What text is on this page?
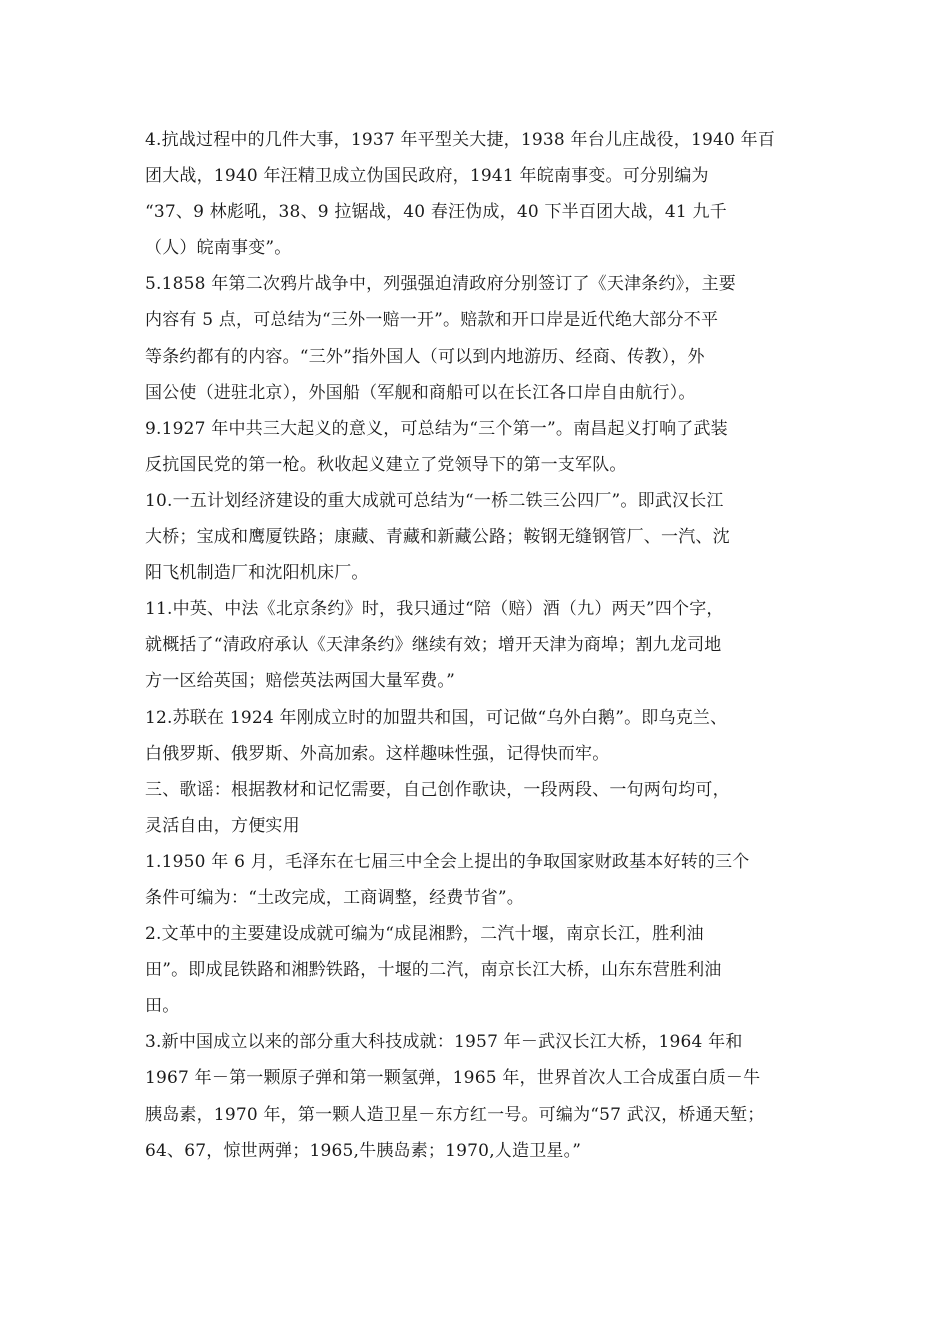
4.抗战过程中的几件大事，1937 年平型关大捷，1938 年台儿庄战役，1940 年百
团大战，1940 年汪精卫成立伪国民政府，1941 年皖南事变。可分别编为
“37、9 林彪吼，38、9 拉锯战，40 春汪伪成，40 下半百团大战，41 九千
（人）皖南事变”。
5.1858 年第二次鸦片战争中，列强强迫清政府分别签订了《天津条约》，主要
内容有 5 点，可总结为“三外一赔一开”。赔款和开口岸是近代绝大部分不平
等条约都有的内容。“三外”指外国人（可以到内地游历、经商、传教），外
国公使（进驻北京），外国船（军舰和商船可以在长江各口岸自由航行）。
9.1927 年中共三大起义的意义，可总结为“三个第一”。南昌起义打响了武装
反抗国民党的第一枪。秋收起义建立了党领导下的第一支军队。
10.一五计划经济建设的重大成就可总结为“一桥二铁三公四厂”。即武汉长江
大桥；宝成和鹰厦铁路；康藏、青藏和新藏公路；鞍钢无缝钢管厂、一汽、沈
阳飞机制造厂和沈阳机床厂。
11.中英、中法《北京条约》时，我只通过“陪（赔）酒（九）两天”四个字，
就概括了“清政府承认《天津条约》继续有效；增开天津为商埠；割九龙司地
方一区给英国；赔偿英法两国大量军费。”
12.苏联在 1924 年刚成立时的加盟共和国，可记做“乌外白鹅”。即乌克兰、
白俄罗斯、俄罗斯、外高加索。这样趣味性强，记得快而牢。
三、歌谣：根据教材和记忆需要，自己创作歌诀，一段两段、一句两句均可，
灵活自由，方便实用
1.1950 年 6 月，毛泽东在七届三中全会上提出的争取国家财政基本好转的三个
条件可编为：“土改完成，工商调整，经费节省”。
2.文革中的主要建设成就可编为“成昆湘黔，二汽十堰，南京长江，胜利油
田”。即成昆铁路和湘黔铁路，十堰的二汽，南京长江大桥，山东东营胜利油
田。
3.新中国成立以来的部分重大科技成就：1957 年－武汉长江大桥，1964 年和
1967 年－第一颗原子弹和第一颗氢弹，1965 年，世界首次人工合成蛋白质－牛
胰岛素，1970 年，第一颗人造卫星－东方红一号。可编为“57 武汉，桥通天堑；
64、67，惊世两弹；1965,牛胰岛素；1970,人造卫星。”
